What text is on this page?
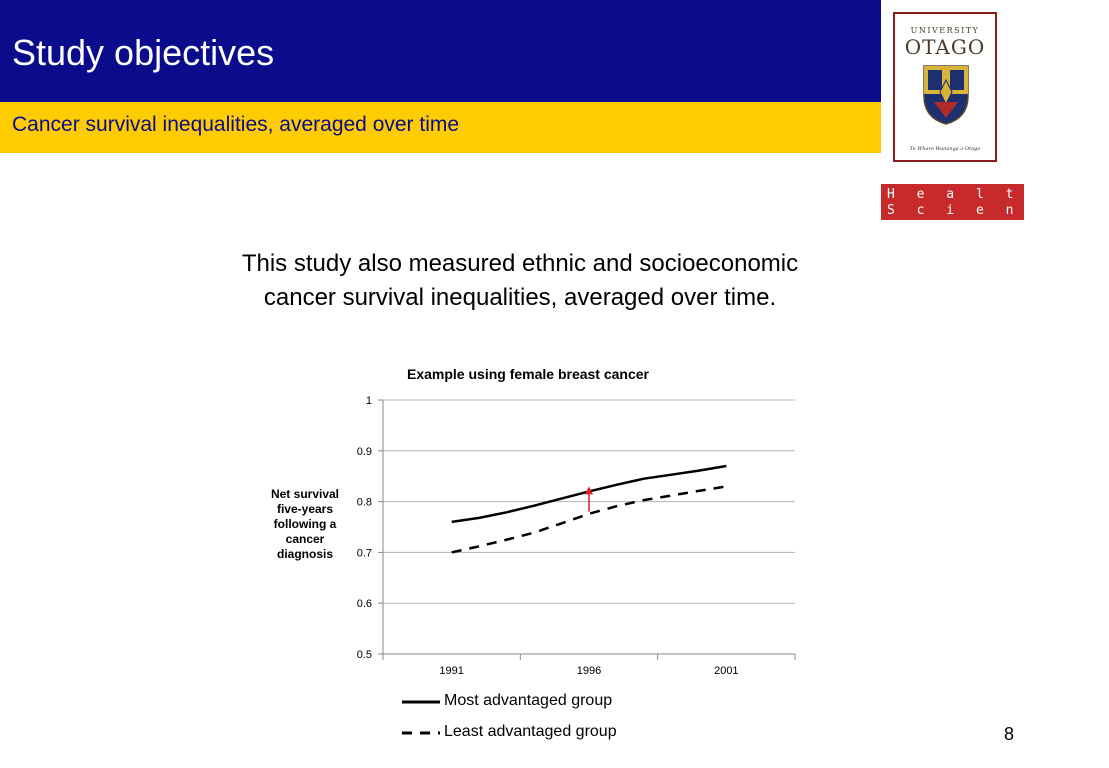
Study objectives
Cancer survival inequalities, averaged over time
UNIVERSITY
OTAGO
Te Whare Wananga o Otago
H e a l t h
S c i e n c e s
This study also measured ethnic and socioeconomic
cancer survival inequalities, averaged over time.
Example using female breast cancer
1
0.9
0.8
0.7
0.6
0.5
1991	1996	2001
Net survival
five-years
following a
cancer
diagnosis
Most advantaged group
Least advantaged group	8
